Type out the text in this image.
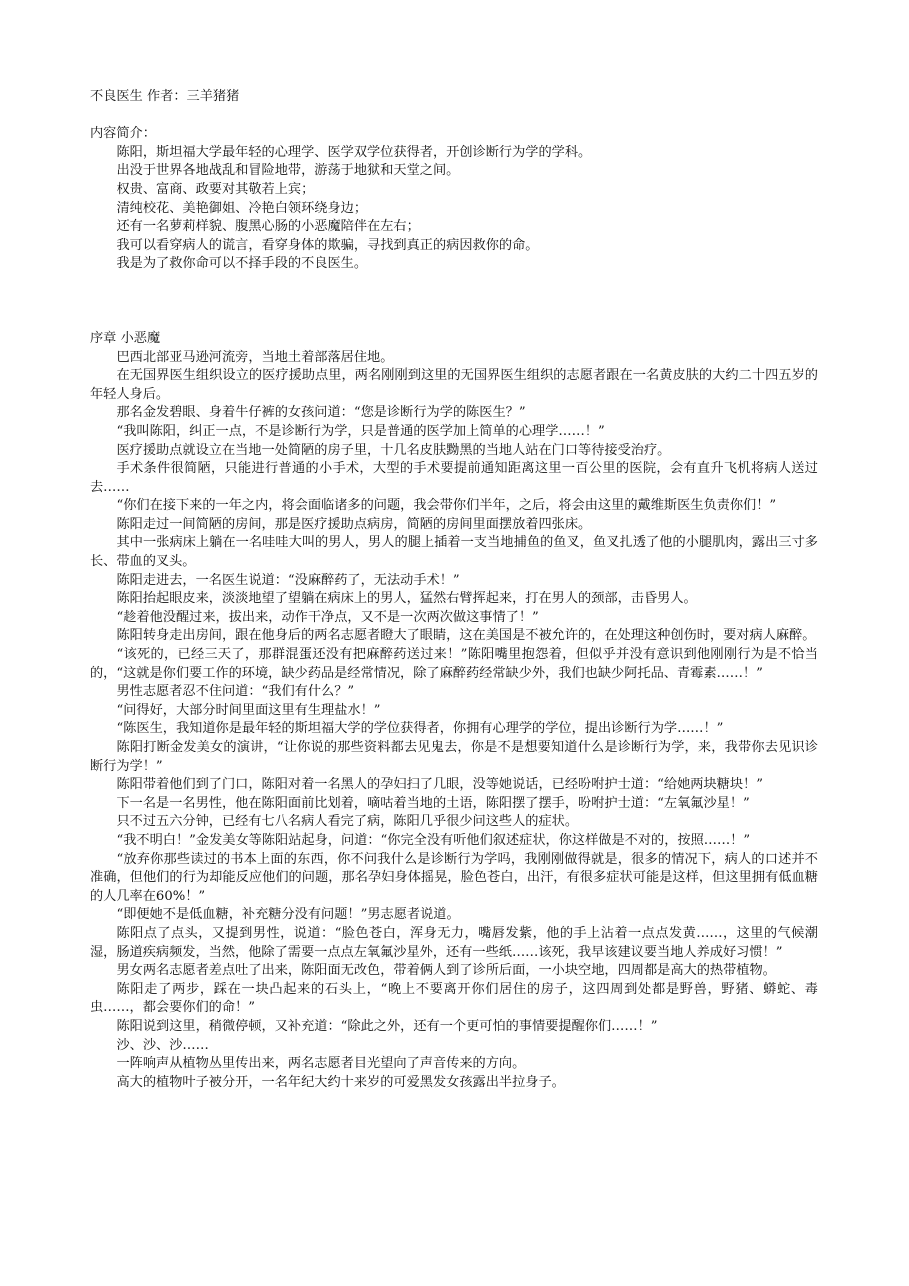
不良医生 作者：三羊猪猪
内容简介：

陈阳，斯坦福大学最年轻的心理学、医学双学位获得者，开创诊断行为学的学科。

出没于世界各地战乱和冒险地带，游荡于地狱和天堂之间。

权贵、富商、政要对其敬若上宾；

清纯校花、美艳御姐、冷艳白领环绕身边；

还有一名萝莉样貌、腹黑心肠的小恶魔陪伴在左右；

我可以看穿病人的谎言，看穿身体的欺骗，寻找到真正的病因救你的命。

我是为了救你命可以不择手段的不良医生。

序章 小恶魔

巴西北部亚马逊河流旁，当地土着部落居住地。

在无国界医生组织设立的医疗援助点里，两名刚刚到这里的无国界医生组织的志愿者跟在一名黄皮肤的大约二十四五岁的年轻人身后。

那名金发碧眼、身着牛仔裤的女孩问道：“您是诊断行为学的陈医生？”

“我叫陈阳，纠正一点，不是诊断行为学，只是普通的医学加上简单的心理学……！”

医疗援助点就设立在当地一处简陋的房子里，十几名皮肤黝黑的当地人站在门口等待接受治疗。

手术条件很简陋，只能进行普通的小手术，大型的手术要提前通知距离这里一百公里的医院，会有直升飞机将病人送过去……

“你们在接下来的一年之内，将会面临诸多的问题，我会带你们半年，之后，将会由这里的戴维斯医生负责你们！”

陈阳走过一间简陋的房间，那是医疗援助点病房，简陋的房间里面摆放着四张床。

其中一张病床上躺在一名哇哇大叫的男人，男人的腿上插着一支当地捕鱼的鱼叉，鱼叉扎透了他的小腿肌肉，露出三寸多长、带血的叉头。

陈阳走进去，一名医生说道：“没麻醉药了，无法动手术！”

陈阳抬起眼皮来，淡淡地望了望躺在病床上的男人，猛然右臂挥起来，打在男人的颈部，击昏男人。

“趁着他没醒过来，拔出来，动作干净点，又不是一次两次做这事情了！”

陈阳转身走出房间，跟在他身后的两名志愿者瞪大了眼睛，这在美国是不被允许的，在处理这种创伤时，要对病人麻醉。

“该死的，已经三天了，那群混蛋还没有把麻醉药送过来！”陈阳嘴里抱怨着，但似乎并没有意识到他刚刚行为是不恰当的，“这就是你们要工作的环境，缺少药品是经常情况，除了麻醉药经常缺少外，我们也缺少阿托品、青霉素……！”

男性志愿者忍不住问道：“我们有什么？”

“问得好，大部分时间里面这里有生理盐水！”

“陈医生，我知道你是最年轻的斯坦福大学的学位获得者，你拥有心理学的学位，提出诊断行为学……！”

陈阳打断金发美女的演讲，“让你说的那些资料都去见鬼去，你是不是想要知道什么是诊断行为学，来，我带你去见识诊断行为学！”

陈阳带着他们到了门口，陈阳对着一名黑人的孕妇扫了几眼，没等她说话，已经吩咐护士道：“给她两块糖块！”

下一名是一名男性，他在陈阳面前比划着，嘀咕着当地的土语，陈阳摆了摆手，吩咐护士道：“左氧氟沙星！”

只不过五六分钟，已经有七八名病人看完了病，陈阳几乎很少问这些人的症状。

“我不明白！”金发美女等陈阳站起身，问道：“你完全没有听他们叙述症状，你这样做是不对的，按照……！”

“放弃你那些读过的书本上面的东西，你不问我什么是诊断行为学吗，我刚刚做得就是，很多的情况下，病人的口述并不准确，但他们的行为却能反应他们的问题，那名孕妇身体摇晃，脸色苍白，出汗，有很多症状可能是这样，但这里拥有低血糖的人几率在60%！”

“即便她不是低血糖，补充糖分没有问题！”男志愿者说道。

陈阳点了点头，又提到男性，说道：“脸色苍白，浑身无力，嘴唇发紫，他的手上沾着一点点发黄……，这里的气候潮湿，肠道疾病频发，当然，他除了需要一点点左氧氟沙星外，还有一些纸……该死，我早该建议要当地人养成好习惯！”

男女两名志愿者差点吐了出来，陈阳面无改色，带着俩人到了诊所后面，一小块空地，四周都是高大的热带植物。

陈阳走了两步，踩在一块凸起来的石头上，“晚上不要离开你们居住的房子，这四周到处都是野兽，野猪、蟒蛇、毒虫……，都会要你们的命！”

陈阳说到这里，稍微停顿，又补充道：“除此之外，还有一个更可怕的事情要提醒你们……！”

沙、沙、沙……

一阵响声从植物丛里传出来，两名志愿者目光望向了声音传来的方向。

高大的植物叶子被分开，一名年纪大约十来岁的可爱黑发女孩露出半拉身子。
